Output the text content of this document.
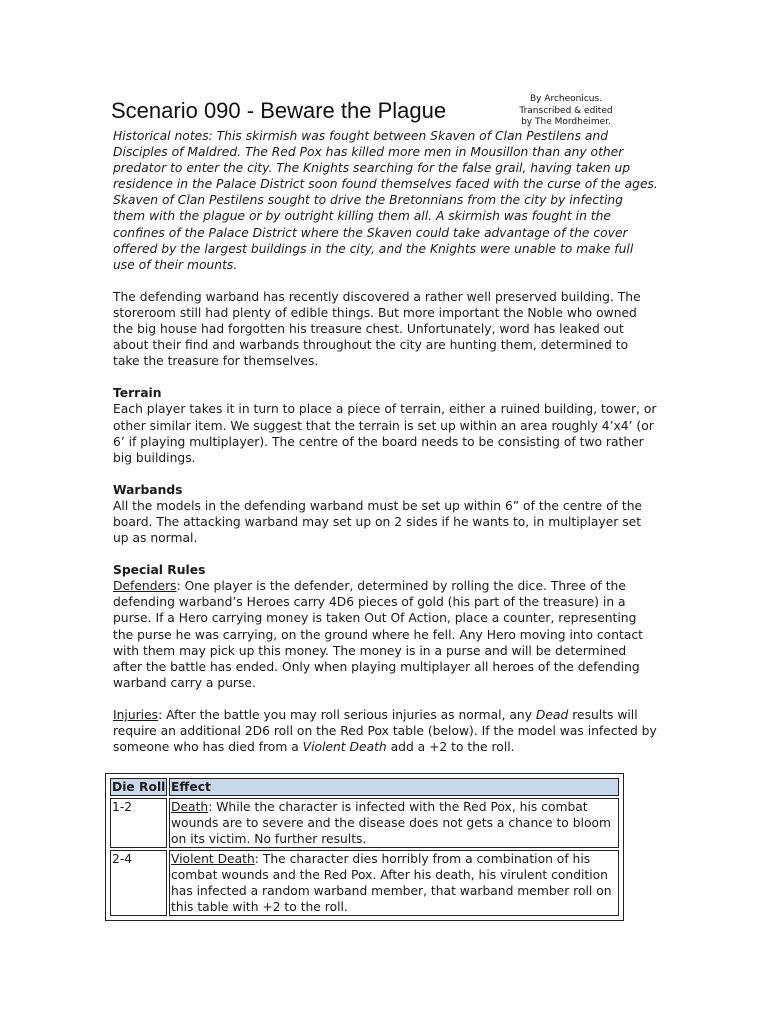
Scenario 090 - Beware the Plague	By Archeonicus.
Transcribed & edited
by The Mordheimer.

Historical notes: This skirmish was fought between Skaven of Clan Pestilens and Disciples of Maldred. The Red Pox has killed more men in Mousillon than any other predator to enter the city. The Knights searching for the false grail, having taken up residence in the Palace District soon found themselves faced with the curse of the ages. Skaven of Clan Pestilens sought to drive the Bretonnians from the city by infecting them with the plague or by outright killing them all. A skirmish was fought in the confines of the Palace District where the Skaven could take advantage of the cover offered by the largest buildings in the city, and the Knights were unable to make full use of their mounts.

The defending warband has recently discovered a rather well preserved building. The storeroom still had plenty of edible things. But more important the Noble who owned the big house had forgotten his treasure chest. Unfortunately, word has leaked out about their find and warbands throughout the city are hunting them, determined to take the treasure for themselves.

Terrain

Each player takes it in turn to place a piece of terrain, either a ruined building, tower, or other similar item. We suggest that the terrain is set up within an area roughly 4’x4’ (or 6’ if playing multiplayer). The centre of the board needs to be consisting of two rather big buildings.

Warbands

All the models in the defending warband must be set up within 6” of the centre of the board. The attacking warband may set up on 2 sides if he wants to, in multiplayer set up as normal.

Special Rules

Defenders: One player is the defender, determined by rolling the dice. Three of the defending warband’s Heroes carry 4D6 pieces of gold (his part of the treasure) in a purse. If a Hero carrying money is taken Out Of Action, place a counter, representing the purse he was carrying, on the ground where he fell. Any Hero moving into contact with them may pick up this money. The money is in a purse and will be determined after the battle has ended. Only when playing multiplayer all heroes of the defending warband carry a purse.

Injuries: After the battle you may roll serious injuries as normal, any Dead results will require an additional 2D6 roll on the Red Pox table (below). If the model was infected by someone who has died from a Violent Death add a +2 to the roll.

Die Roll	Effect
1-2	Death: While the character is infected with the Red Pox, his combat wounds are to severe and the disease does not gets a chance to bloom on its victim. No further results.
2-4	Violent Death: The character dies horribly from a combination of his combat wounds and the Red Pox. After his death, his virulent condition has infected a random warband member, that warband member roll on this table with +2 to the roll.
